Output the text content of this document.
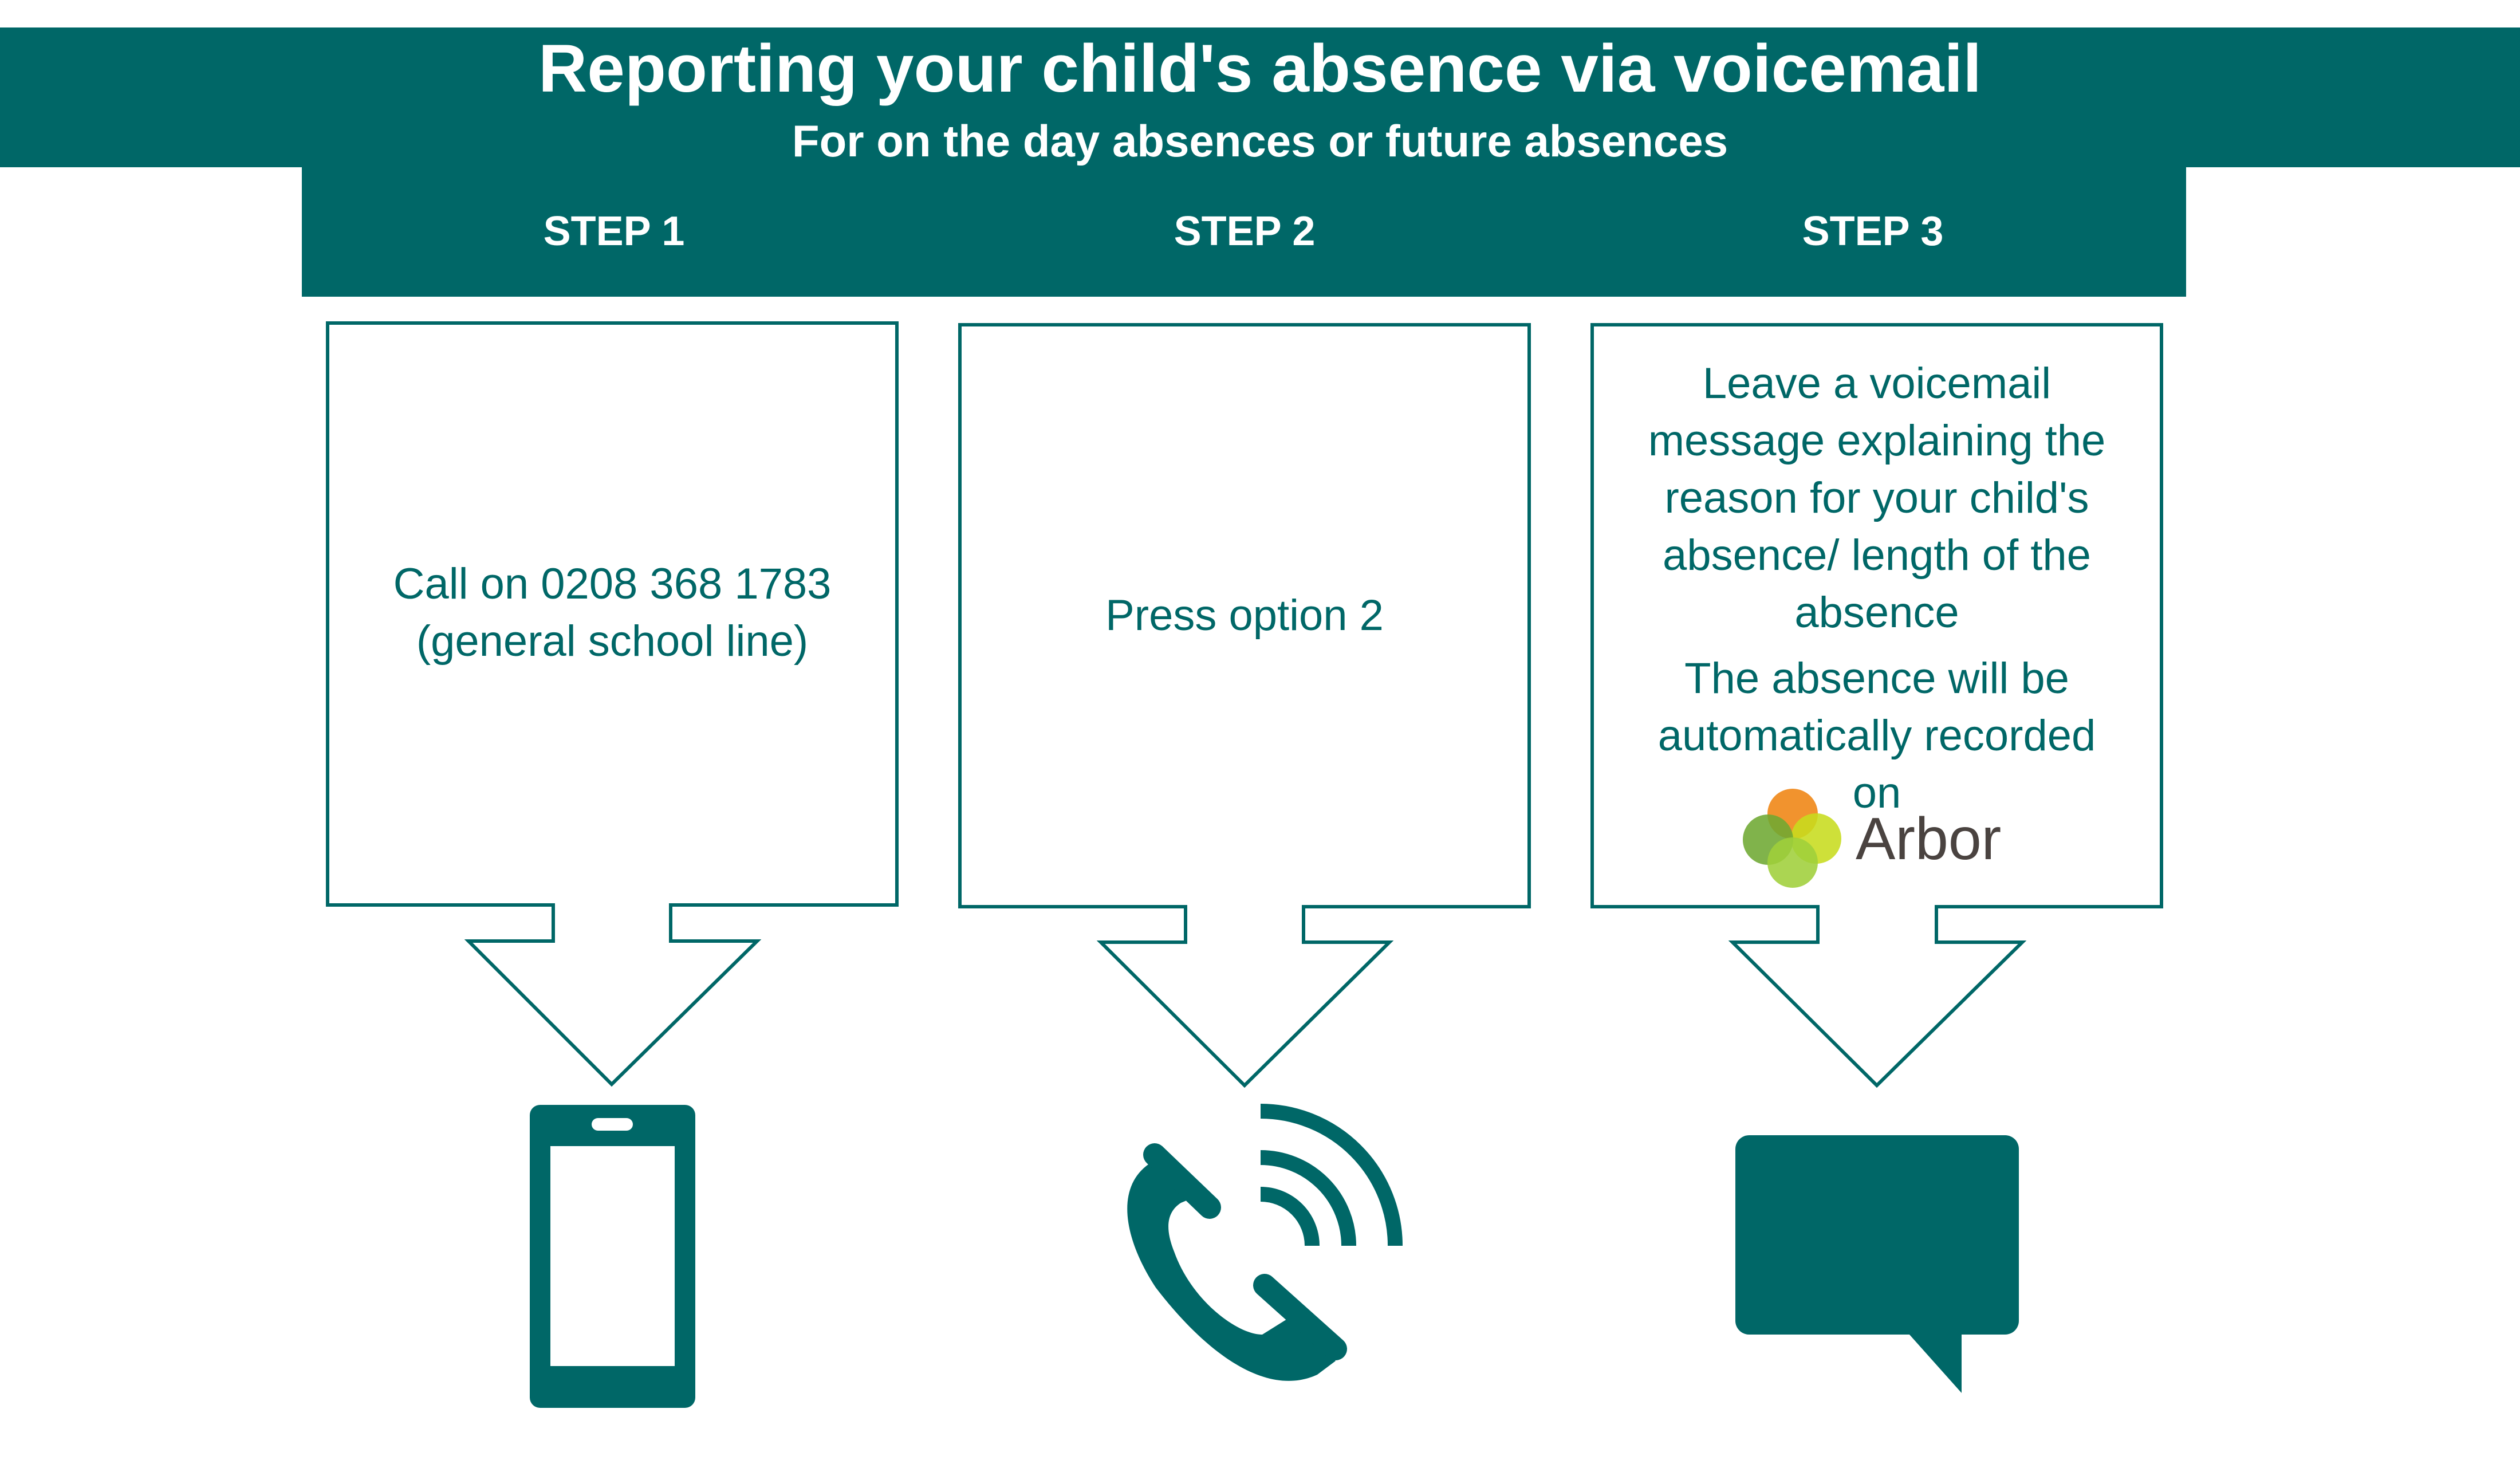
Reporting your child's absence via voicemail
For on the day absences or future absences
STEP 1	STEP 2	STEP 3

Call on 0208 368 1783

(general school line)

Press option 2

Leave a voicemail

message explaining the

reason for your child's

absence/ length of the

absence

The absence will be

automatically recorded

on

Arbor
